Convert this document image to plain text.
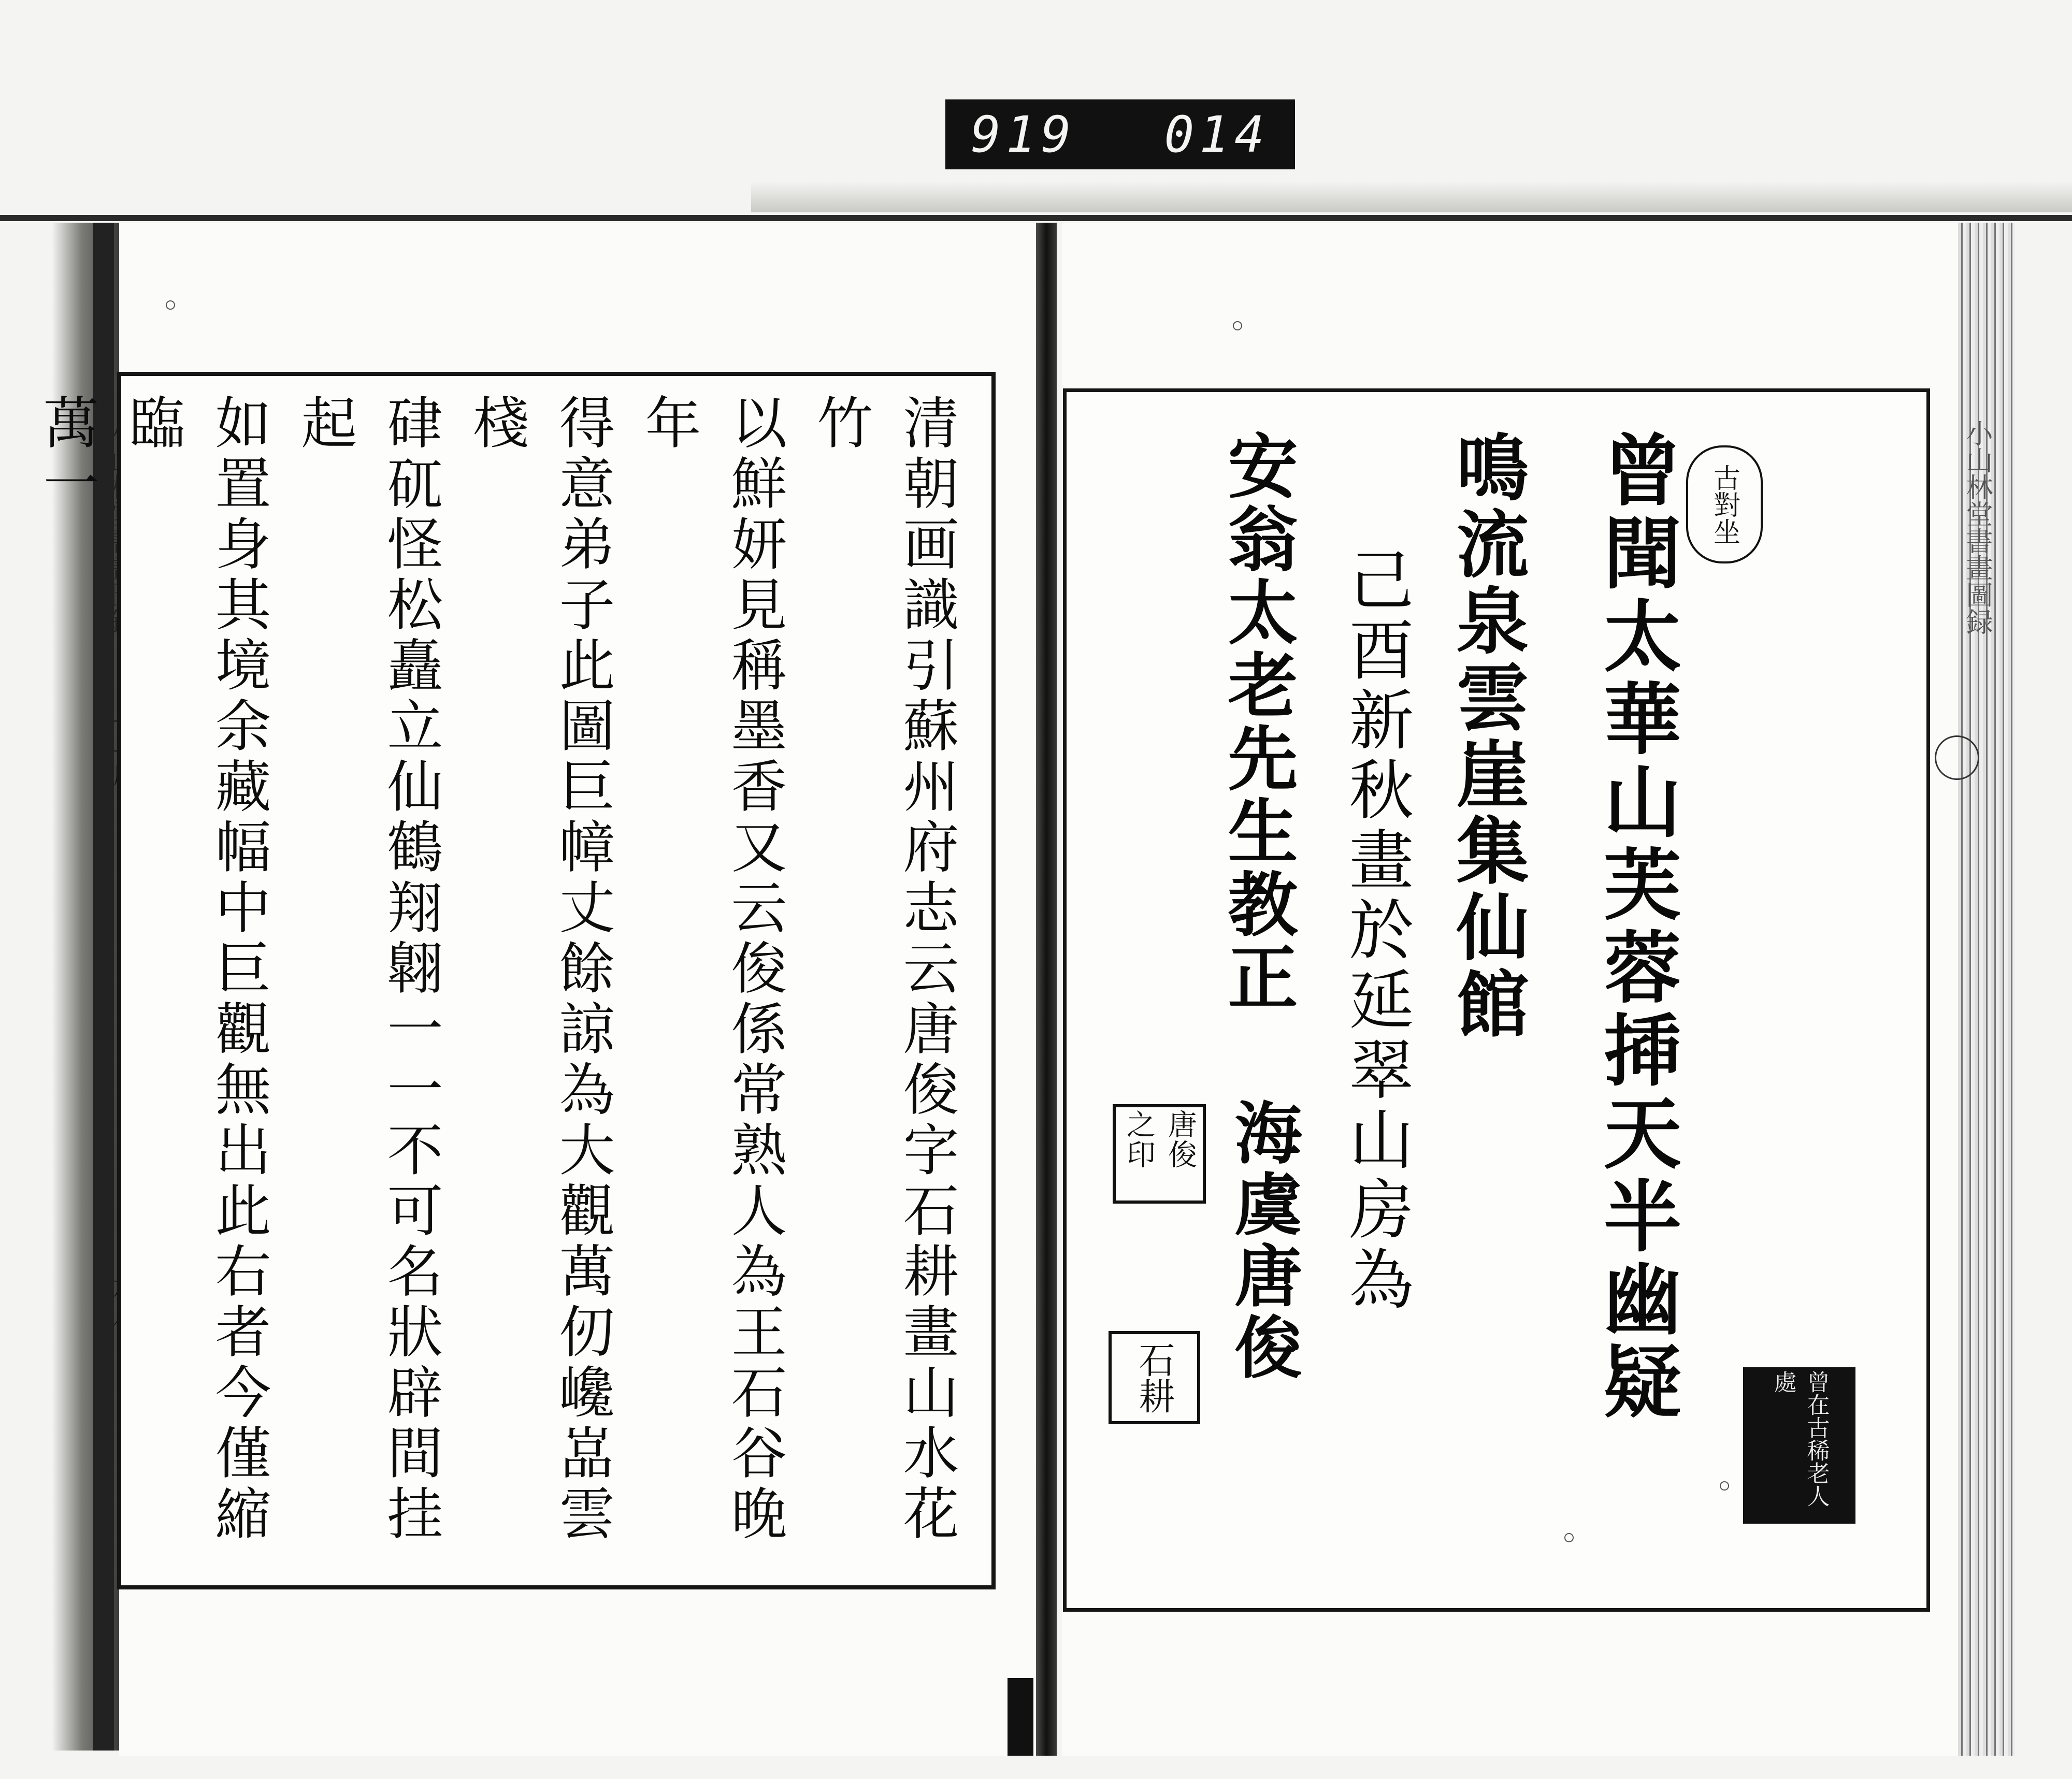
919 014
小山林堂書畫圖録
清朝画識引蘇州府志云唐俊字石耕畫山水花竹
以鮮妍見稱墨香又云俊係常熟人為王石谷晚年
得意弟子此圖巨幛丈餘諒為大觀萬仞巉嵓雲棧
硉矹怪松矗立仙鶴翔翺一一不可名狀辟間挂起
如置身其境余藏幅中巨觀無出此右者今僅縮臨
萬一	古對坐
曾聞太華山芙蓉揷天半幽疑
鳴流泉雲崖集仙館
己酉新秋畫於延翠山房為
安翁太老先生教正
海虞唐俊
唐俊之印
石耕	曾在古稀老人處
